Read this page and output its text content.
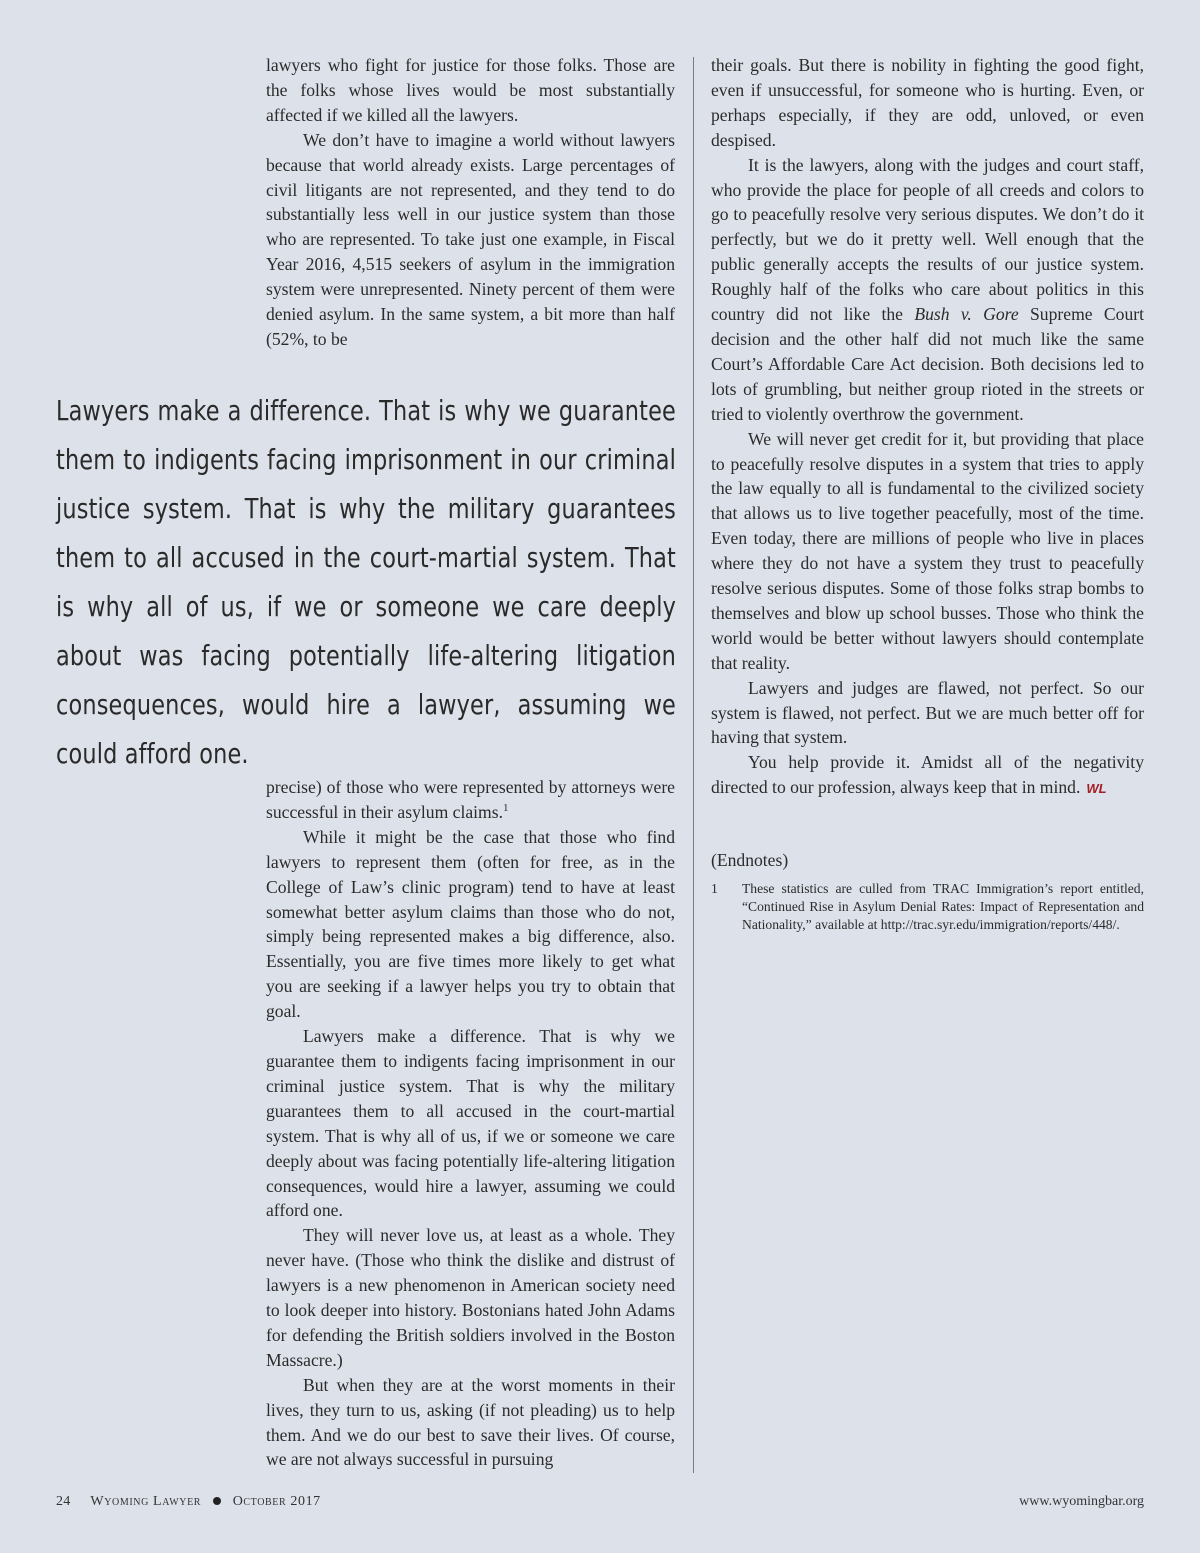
lawyers who fight for justice for those folks. Those are the folks whose lives would be most substantially affected if we killed all the lawyers.

We don’t have to imagine a world without lawyers because that world already exists. Large percentages of civil litigants are not represented, and they tend to do substantially less well in our justice system than those who are represented. To take just one example, in Fiscal Year 2016, 4,515 seekers of asylum in the immigration system were unrepresented. Ninety percent of them were denied asylum. In the same system, a bit more than half (52%, to be

Lawyers make a difference. That is why we guarantee them to indigents facing imprisonment in our criminal justice system. That is why the military guarantees them to all accused in the court-martial system. That is why all of us, if we or someone we care deeply about was facing potentially life-altering litigation consequences, would hire a lawyer, assuming we could afford one.

precise) of those who were represented by attorneys were successful in their asylum claims.$^1$

While it might be the case that those who find lawyers to represent them (often for free, as in the College of Law’s clinic program) tend to have at least somewhat better asylum claims than those who do not, simply being represented makes a big difference, also. Essentially, you are five times more likely to get what you are seeking if a lawyer helps you try to obtain that goal.

Lawyers make a difference. That is why we guarantee them to indigents facing imprisonment in our criminal justice system. That is why the military guarantees them to all accused in the court-martial system. That is why all of us, if we or someone we care deeply about was facing potentially life-altering litigation consequences, would hire a lawyer, assuming we could afford one.

They will never love us, at least as a whole. They never have. (Those who think the dislike and distrust of lawyers is a new phenomenon in American society need to look deeper into history. Bostonians hated John Adams for defending the British soldiers involved in the Boston Massacre.)

But when they are at the worst moments in their lives, they turn to us, asking (if not pleading) us to help them. And we do our best to save their lives. Of course, we are not always successful in pursuing

their goals. But there is nobility in fighting the good fight, even if unsuccessful, for someone who is hurting. Even, or perhaps especially, if they are odd, unloved, or even despised.

It is the lawyers, along with the judges and court staff, who provide the place for people of all creeds and colors to go to peacefully resolve very serious disputes. We don’t do it perfectly, but we do it pretty well. Well enough that the public generally accepts the results of our justice system. Roughly half of the folks who care about politics in this country did not like the Bush v. Gore Supreme Court decision and the other half did not much like the same Court’s Affordable Care Act decision. Both decisions led to lots of grumbling, but neither group rioted in the streets or tried to violently overthrow the government.

We will never get credit for it, but providing that place to peacefully resolve disputes in a system that tries to apply the law equally to all is fundamental to the civilized society that allows us to live together peacefully, most of the time. Even today, there are millions of people who live in places where they do not have a system they trust to peacefully resolve serious disputes. Some of those folks strap bombs to themselves and blow up school busses. Those who think the world would be better without lawyers should contemplate that reality.

Lawyers and judges are flawed, not perfect. So our system is flawed, not perfect. But we are much better off for having that system.

You help provide it. Amidst all of the negativity directed to our profession, always keep that in mind. WL

(Endnotes)
1 These statistics are culled from TRAC Immigration’s report entitled, “Continued Rise in Asylum Denial Rates: Impact of Representation and Nationality,” available at http://trac.syr.edu/immigration/reports/448/.
24 Wyoming Lawyer October 2017	www.wyomingbar.org
